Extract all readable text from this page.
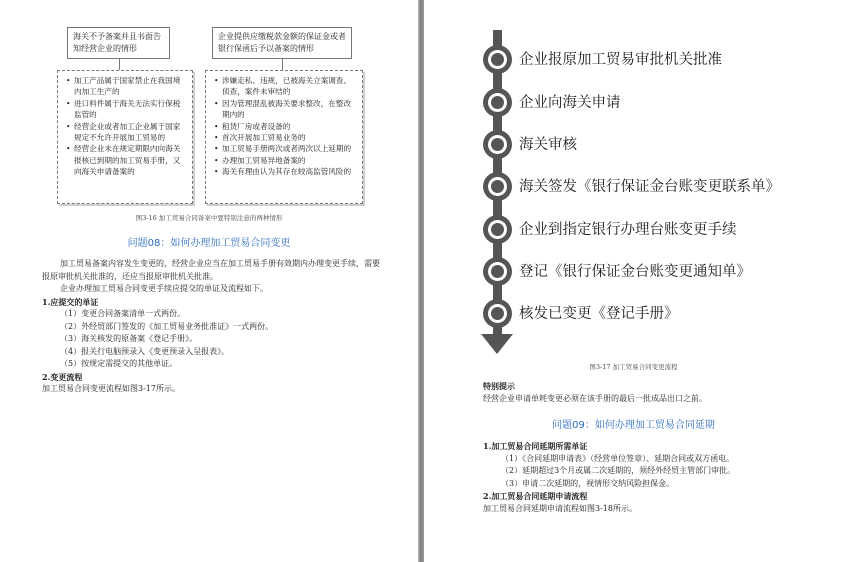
海关不予备案并且书面告知经营企业的情形
企业提供应缴税款金额的保证金或者银行保函后予以备案的情形
• 加工产品属于国家禁止在我国境内加工生产的
• 进口料件属于海关无法实行保税监管的
• 经营企业或者加工企业属于国家规定不允许开展加工贸易的
• 经营企业未在规定期限内向海关报核已到期的加工贸易手册，又向海关申请备案的
• 涉嫌走私、违规，已被海关立案调查、侦查，案件未审结的
• 因为管理混乱被海关要求整改，在整改期内的
• 租赁厂房或者设备的
• 首次开展加工贸易业务的
• 加工贸易手册两次或者两次以上延期的
• 办理加工贸易异地备案的
• 海关有理由认为其存在较高监管风险的
图3-16 加工贸易合同备案中要特别注意的两种情形
问题08：如何办理加工贸易合同变更

加工贸易备案内容发生变更的，经营企业应当在加工贸易手册有效期内办理变更手续，需要报原审批机关批准的，还应当报原审批机关批准。

企业办理加工贸易合同变更手续应提交的单证及流程如下。

1.应提交的单证

（1）变更合同备案清单一式两份。

（2）外经贸部门签发的《加工贸易业务批准证》一式两份。

（3）海关核发的原备案《登记手册》。

（4）报关行电脑预录入《变更预录入呈报表》。

（5）按规定需提交的其他单证。

2.变更流程

加工贸易合同变更流程如图3-17所示。

企业报原加工贸易审批机关批准
企业向海关申请
海关审核
海关签发《银行保证金台账变更联系单》
企业到指定银行办理台账变更手续
登记《银行保证金台账变更通知单》
核发已变更《登记手册》
图3-17 加工贸易合同变更流程

特别提示

经营企业申请单耗变更必须在该手册的最后一批成品出口之前。

问题09：如何办理加工贸易合同延期

1.加工贸易合同延期所需单证

（1）《合同延期申请表》（经营单位签章）、延期合同或双方函电。

（2）延期超过3个月或属二次延期的，须经外经贸主管部门审批。

（3）申请二次延期的，视情形交纳风险担保金。

2.加工贸易合同延期申请流程

加工贸易合同延期申请流程如图3-18所示。
